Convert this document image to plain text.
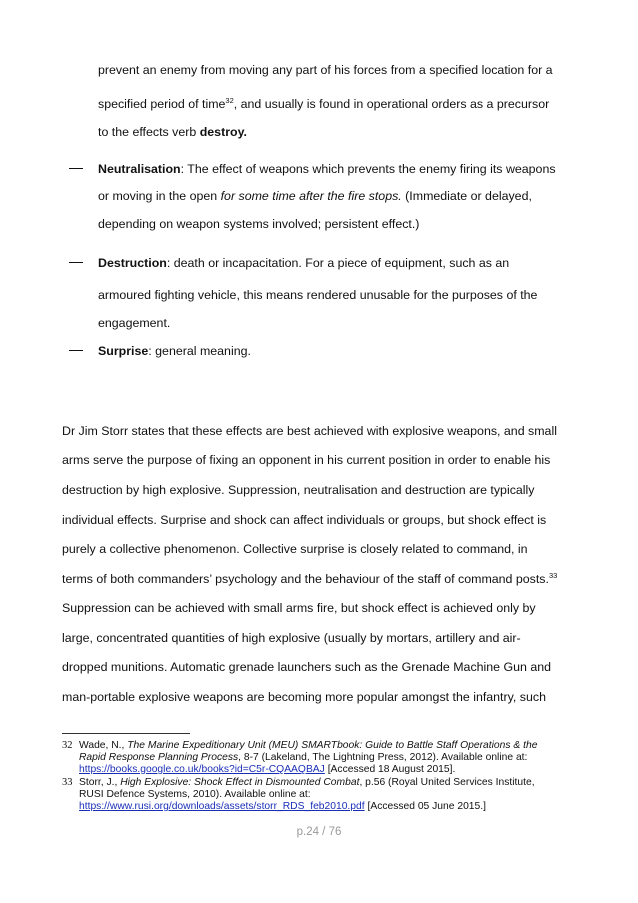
prevent an enemy from moving any part of his forces from a specified location for a
specified period of time$^{32}$, and usually is found in operational orders as a precursor
to the effects verb destroy.
Neutralisation: The effect of weapons which prevents the enemy firing its weapons
or moving in the open for some time after the fire stops. (Immediate or delayed,
depending on weapon systems involved; persistent effect.)
Destruction: death or incapacitation. For a piece of equipment, such as an
armoured fighting vehicle, this means rendered unusable for the purposes of the
engagement.
Surprise: general meaning.
Dr Jim Storr states that these effects are best achieved with explosive weapons, and small
arms serve the purpose of fixing an opponent in his current position in order to enable his
destruction by high explosive. Suppression, neutralisation and destruction are typically
individual effects. Surprise and shock can affect individuals or groups, but shock effect is
purely a collective phenomenon. Collective surprise is closely related to command, in
terms of both commanders’ psychology and the behaviour of the staff of command posts.$^{33}$
Suppression can be achieved with small arms fire, but shock effect is achieved only by
large, concentrated quantities of high explosive (usually by mortars, artillery and air-
dropped munitions. Automatic grenade launchers such as the Grenade Machine Gun and
man-portable explosive weapons are becoming more popular amongst the infantry, such
32 Wade, N., The Marine Expeditionary Unit (MEU) SMARTbook: Guide to Battle Staff Operations & the
Rapid Response Planning Process, 8-7 (Lakeland, The Lightning Press, 2012). Available online at:
https://books.google.co.uk/books?id=C5r-CQAAQBAJ [Accessed 18 August 2015].
33 Storr, J., High Explosive: Shock Effect in Dismounted Combat, p.56 (Royal United Services Institute,
RUSI Defence Systems, 2010). Available online at:
https://www.rusi.org/downloads/assets/storr_RDS_feb2010.pdf [Accessed 05 June 2015.]
p.24 / 76
